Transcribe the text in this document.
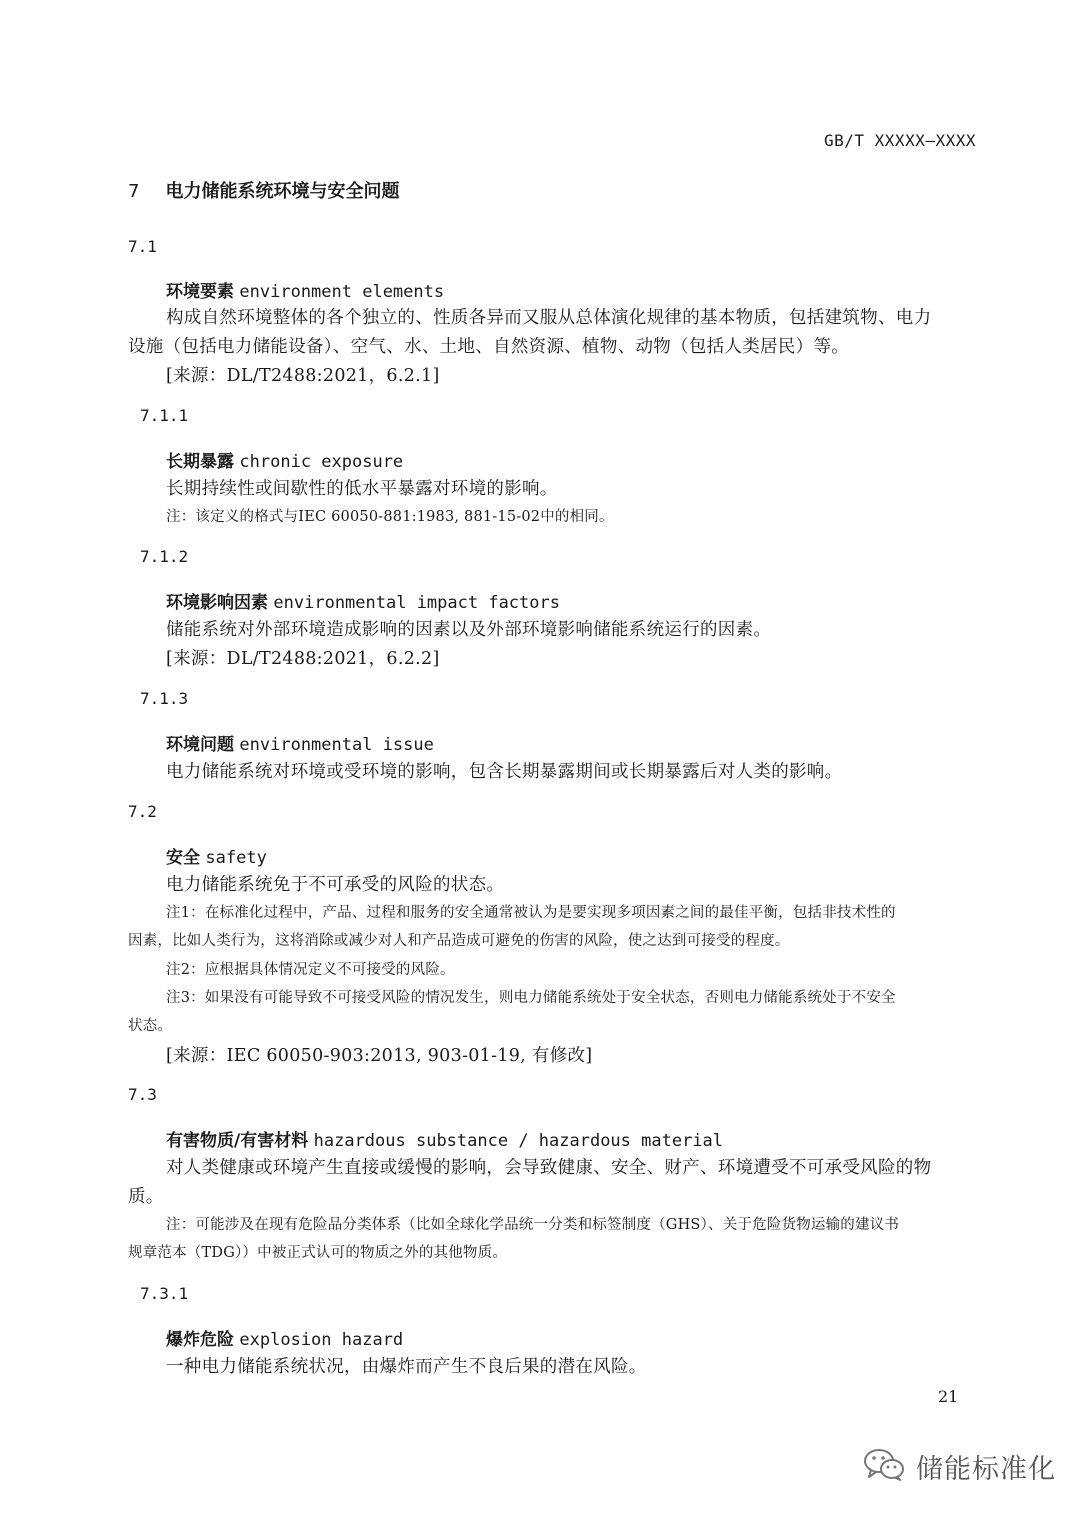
GB/T XXXXX—XXXX
7 电力储能系统环境与安全问题
7.1
环境要素 environment elements
构成自然环境整体的各个独立的、性质各异而又服从总体演化规律的基本物质，包括建筑物、电力
设施（包括电力储能设备）、空气、水、土地、自然资源、植物、动物（包括人类居民）等。
[来源：DL/T2488:2021，6.2.1]
7.1.1
长期暴露 chronic exposure
长期持续性或间歇性的低水平暴露对环境的影响。
注：该定义的格式与IEC 60050-881:1983, 881-15-02中的相同。
7.1.2
环境影响因素 environmental impact factors
储能系统对外部环境造成影响的因素以及外部环境影响储能系统运行的因素。
[来源：DL/T2488:2021，6.2.2]
7.1.3
环境问题 environmental issue
电力储能系统对环境或受环境的影响，包含长期暴露期间或长期暴露后对人类的影响。
7.2
安全 safety
电力储能系统免于不可承受的风险的状态。
注1：在标准化过程中，产品、过程和服务的安全通常被认为是要实现多项因素之间的最佳平衡，包括非技术性的
因素，比如人类行为，这将消除或减少对人和产品造成可避免的伤害的风险，使之达到可接受的程度。
注2：应根据具体情况定义不可接受的风险。
注3：如果没有可能导致不可接受风险的情况发生，则电力储能系统处于安全状态，否则电力储能系统处于不安全
状态。
[来源：IEC 60050-903:2013, 903-01-19, 有修改]
7.3
有害物质/有害材料 hazardous substance / hazardous material
对人类健康或环境产生直接或缓慢的影响，会导致健康、安全、财产、环境遭受不可承受风险的物
质。
注：可能涉及在现有危险品分类体系（比如全球化学品统一分类和标签制度（GHS）、关于危险货物运输的建议书
规章范本（TDG））中被正式认可的物质之外的其他物质。
7.3.1
爆炸危险 explosion hazard
一种电力储能系统状况，由爆炸而产生不良后果的潜在风险。
21
储能标准化
